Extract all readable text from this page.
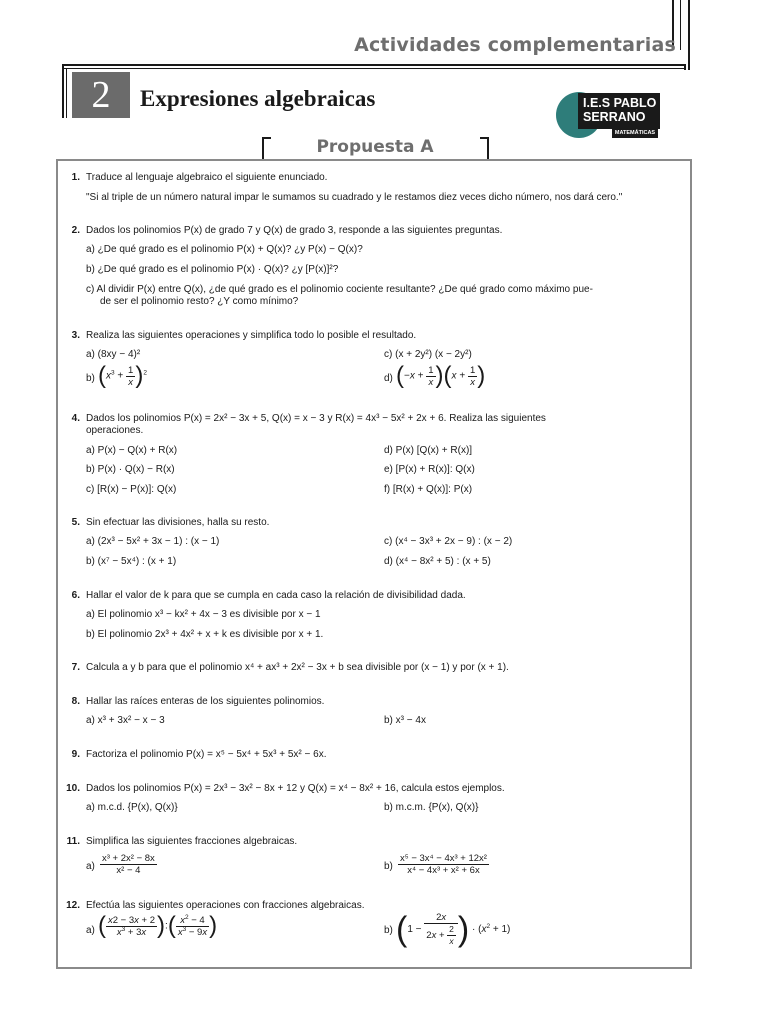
Actividades complementarias
2	Expresiones algebraicas	I.E.S PABLO
SERRANO
MATEMÁTICAS
Propuesta A
1. Traduce al lenguaje algebraico el siguiente enunciado.
"Si al triple de un número natural impar le sumamos su cuadrado y le restamos diez veces dicho número, nos dará cero."
2. Dados los polinomios P(x) de grado 7 y Q(x) de grado 3, responde a las siguientes preguntas.
a) ¿De qué grado es el polinomio P(x) + Q(x)? ¿y P(x) − Q(x)?
b) ¿De qué grado es el polinomio P(x) · Q(x)? ¿y [P(x)]²?
c) Al dividir P(x) entre Q(x), ¿de qué grado es el polinomio cociente resultante? ¿De qué grado como máximo pue-
de ser el polinomio resto? ¿Y como mínimo?
3. Realiza las siguientes operaciones y simplifica todo lo posible el resultado.
a) (8xy − 4)²	c) (x + 2y²) (x − 2y²)
b) $(x^3 + \frac{1}{x} )^2$	d) $(-x + \frac{1}{x} )(x + \frac{1}{x}$ )
4. Dados los polinomios P(x) = 2x² − 3x + 5, Q(x) = x − 3 y R(x) = 4x³ − 5x² + 2x + 6. Realiza las siguientes
operaciones.
a) P(x) − Q(x) + R(x)	d) P(x) [Q(x) + R(x)]
b) P(x) · Q(x) − R(x)	e) [P(x) + R(x)]: Q(x)
c) [R(x) − P(x)]: Q(x)	f) [R(x) + Q(x)]: P(x)
5. Sin efectuar las divisiones, halla su resto.
a) (2x³ − 5x² + 3x − 1) : (x − 1)	c) (x⁴ − 3x³ + 2x − 9) : (x − 2)
b) (x⁷ − 5x⁴) : (x + 1)	d) (x⁴ − 8x² + 5) : (x + 5)
6. Hallar el valor de k para que se cumpla en cada caso la relación de divisibilidad dada.
a) El polinomio x³ − kx² + 4x − 3 es divisible por x − 1
b) El polinomio 2x³ + 4x² + x + k es divisible por x + 1.
7. Calcula a y b para que el polinomio x⁴ + ax³ + 2x² − 3x + b sea divisible por (x − 1) y por (x + 1).
8. Hallar las raíces enteras de los siguientes polinomios.
a) x³ + 3x² − x − 3	b) x³ − 4x
9. Factoriza el polinomio P(x) = x⁵ − 5x⁴ + 5x³ + 5x² − 6x.
10. Dados los polinomios P(x) = 2x³ − 3x² − 8x + 12 y Q(x) = x⁴ − 8x² + 16, calcula estos ejemplos.
a) m.c.d. {P(x), Q(x)}	b) m.c.m. {P(x), Q(x)}
11. Simplifica las siguientes fracciones algebraicas.
$a) \frac{\text{x³ + 2x² − 8x}}{\text{x² − 4}}$	$b) \frac{\text{x⁵ − 3x⁴ − 4x³ + 12x²}}{\text{x⁴ − 4x³ + x² + 6x}}$
12. Efectúa las siguientes operaciones con fracciones algebraicas.
a) ( $\frac{x2 - 3x + 2}{x^3 + 3x}$ ):( $\frac{x^2 - 4}{x^3 - 9x}$ )	b) ($1 - \frac{2x}{2x + \frac{2}{x}}$ ) · $(x^2 + 1)$
